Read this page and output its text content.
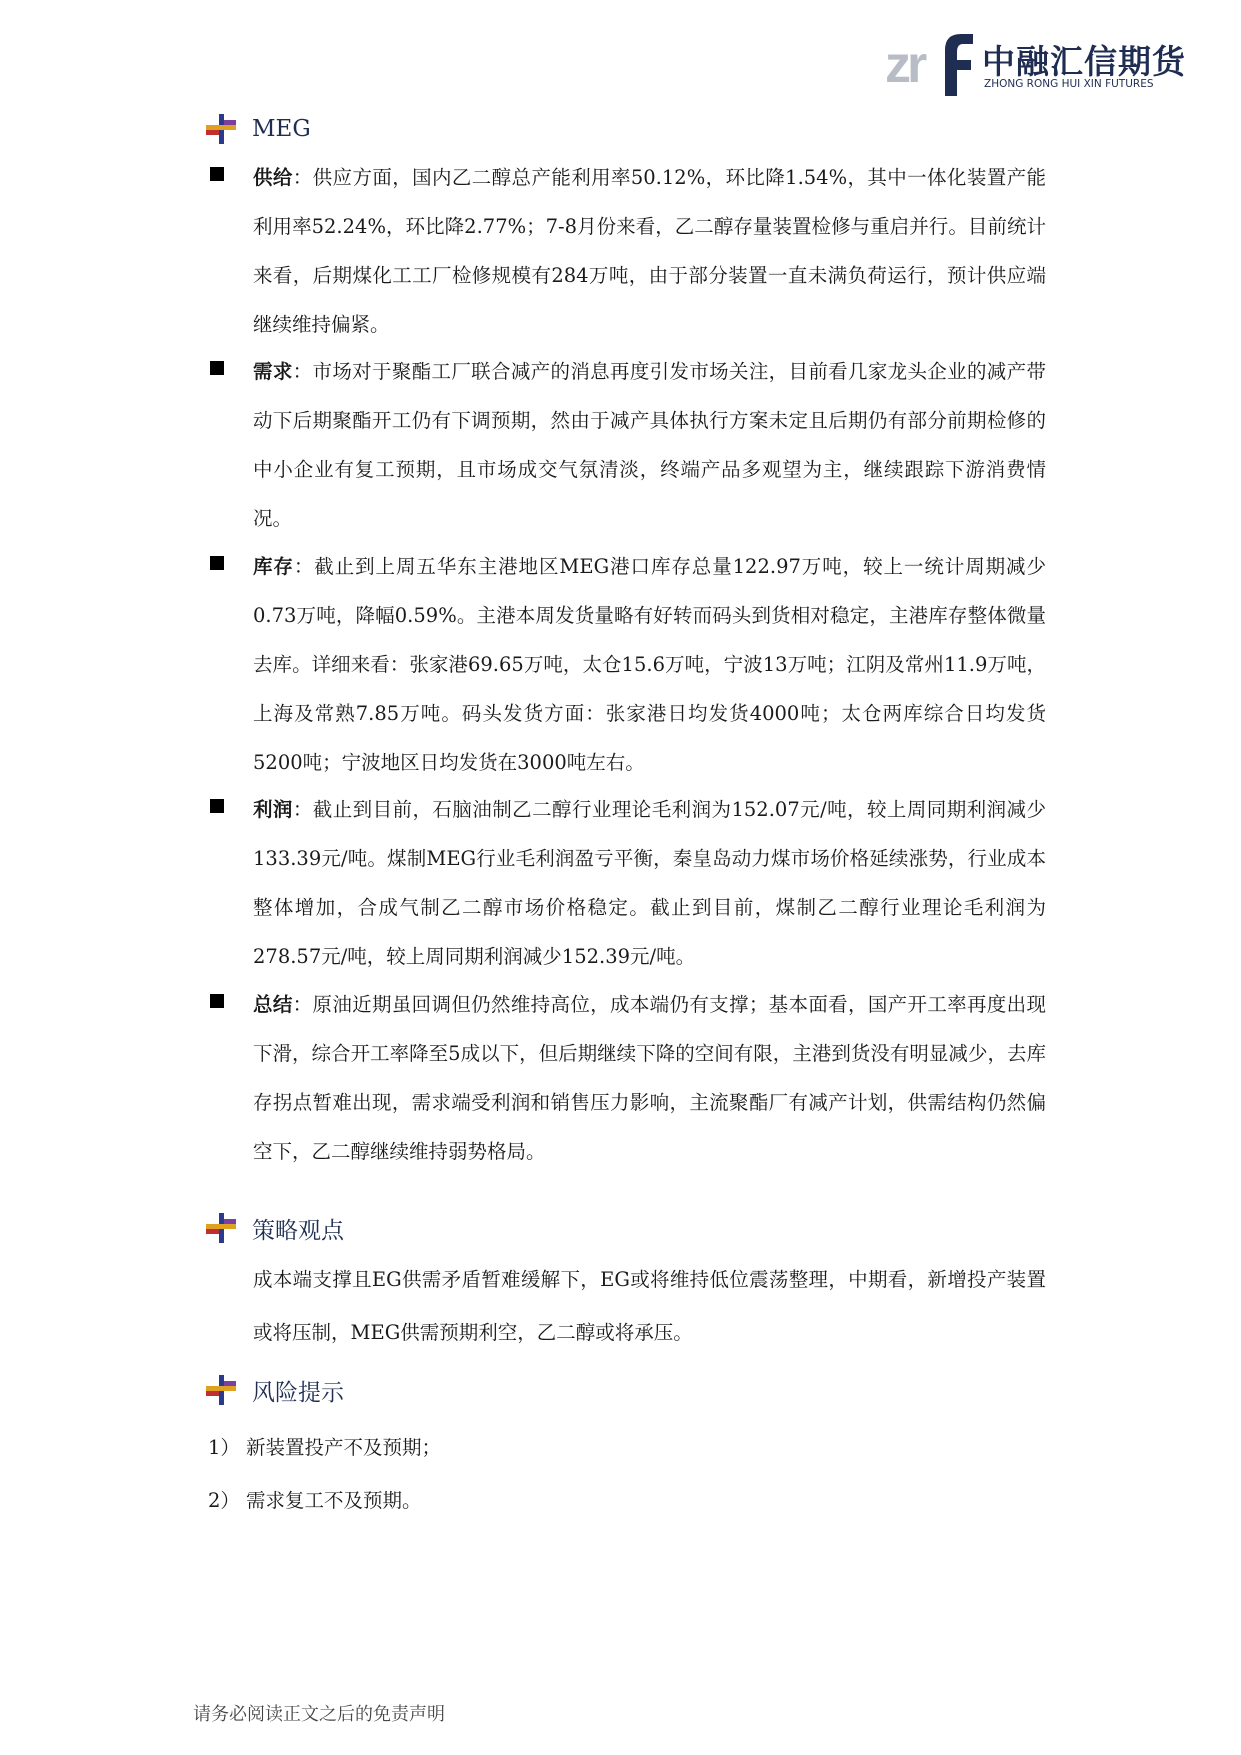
zr 中融汇信期货
ZHONG RONG HUI XIN FUTURES
MEG
供给：供应方面，国内乙二醇总产能利用率50.12%，环比降1.54%，其中一体化装置产能利用率52.24%，环比降2.77%；7-8月份来看，乙二醇存量装置检修与重启并行。目前统计来看，后期煤化工工厂检修规模有284万吨，由于部分装置一直未满负荷运行，预计供应端继续维持偏紧。
需求：市场对于聚酯工厂联合减产的消息再度引发市场关注，目前看几家龙头企业的减产带动下后期聚酯开工仍有下调预期，然由于减产具体执行方案未定且后期仍有部分前期检修的中小企业有复工预期，且市场成交气氛清淡，终端产品多观望为主，继续跟踪下游消费情况。
库存：截止到上周五华东主港地区MEG港口库存总量122.97万吨，较上一统计周期减少0.73万吨，降幅0.59%。主港本周发货量略有好转而码头到货相对稳定，主港库存整体微量去库。详细来看：张家港69.65万吨，太仓15.6万吨，宁波13万吨；江阴及常州11.9万吨，上海及常熟7.85万吨。码头发货方面：张家港日均发货4000吨；太仓两库综合日均发货5200吨；宁波地区日均发货在3000吨左右。
利润：截止到目前，石脑油制乙二醇行业理论毛利润为152.07元/吨，较上周同期利润减少133.39元/吨。煤制MEG行业毛利润盈亏平衡，秦皇岛动力煤市场价格延续涨势，行业成本整体增加，合成气制乙二醇市场价格稳定。截止到目前，煤制乙二醇行业理论毛利润为278.57元/吨，较上周同期利润减少152.39元/吨。
总结：原油近期虽回调但仍然维持高位，成本端仍有支撑；基本面看，国产开工率再度出现下滑，综合开工率降至5成以下，但后期继续下降的空间有限，主港到货没有明显减少，去库存拐点暂难出现，需求端受利润和销售压力影响，主流聚酯厂有减产计划，供需结构仍然偏空下，乙二醇继续维持弱势格局。
策略观点
成本端支撑且EG供需矛盾暂难缓解下，EG或将维持低位震荡整理，中期看，新增投产装置或将压制，MEG供需预期利空，乙二醇或将承压。
风险提示
1） 新装置投产不及预期；
2） 需求复工不及预期。
请务必阅读正文之后的免责声明
